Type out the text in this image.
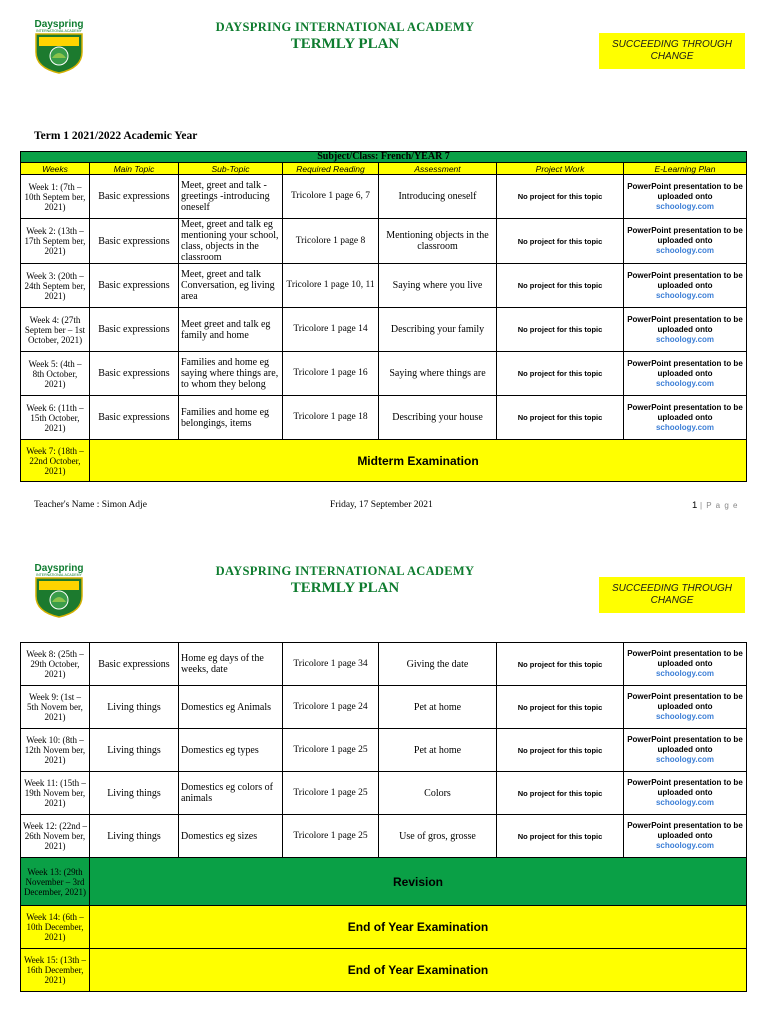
Dayspring
INTERNATIONAL ACADEMY	DAYSPRING INTERNATIONAL ACADEMY
TERMLY PLAN	SUCCEEDING THROUGH CHANGE
Term 1 2021/2022 Academic Year
Subject/Class: French/YEAR 7						
Weeks	Main Topic	Sub-Topic	Required Reading	Assessment	Project Work	E-Learning Plan
Week 1: (7th – 10th Septem ber, 2021)	Basic expressions	Meet, greet and talk -greetings -introducing oneself	Tricolore 1 page 6, 7	Introducing oneself	No project for this topic	PowerPoint presentation to be uploaded onto
schoology.com

Week 2: (13th – 17th Septem ber, 2021)	Basic expressions	Meet, greet and talk eg mentioning your school, class, objects in the classroom	Tricolore 1 page 8	Mentioning objects in the classroom	No project for this topic	PowerPoint presentation to be uploaded onto
schoology.com

Week 3: (20th – 24th Septem ber, 2021)	Basic expressions	Meet, greet and talk Conversation, eg living area	Tricolore 1 page 10, 11	Saying where you live	No project for this topic	PowerPoint presentation to be uploaded onto
schoology.com

Week 4: (27th Septem ber – 1st October, 2021)	Basic expressions	Meet greet and talk eg family and home	Tricolore 1 page 14	Describing your family	No project for this topic	PowerPoint presentation to be uploaded onto
schoology.com

Week 5: (4th – 8th October, 2021)	Basic expressions	Families and home eg saying where things are, to whom they belong	Tricolore 1 page 16	Saying where things are	No project for this topic	PowerPoint presentation to be uploaded onto
schoology.com

Week 6: (11th – 15th October, 2021)	Basic expressions	Families and home eg belongings, items	Tricolore 1 page 18	Describing your house	No project for this topic	PowerPoint presentation to be uploaded onto
schoology.com

Week 7: (18th – 22nd October, 2021)	Midterm Examination					
Teacher's Name : Simon Adje	Friday, 17 September 2021	1 | P a g e
Dayspring
INTERNATIONAL ACADEMY	DAYSPRING INTERNATIONAL ACADEMY
TERMLY PLAN	SUCCEEDING THROUGH CHANGE
Week 8: (25th – 29th October, 2021)	Basic expressions	Home eg days of the weeks, date	Tricolore 1 page 34	Giving the date	No project for this topic	PowerPoint presentation to be uploaded onto
schoology.com

Week 9: (1st – 5th Novem ber, 2021)	Living things	Domestics eg Animals	Tricolore 1 page 24	Pet at home	No project for this topic	PowerPoint presentation to be uploaded onto
schoology.com

Week 10: (8th – 12th Novem ber, 2021)	Living things	Domestics eg types	Tricolore 1 page 25	Pet at home	No project for this topic	PowerPoint presentation to be uploaded onto
schoology.com

Week 11: (15th – 19th Novem ber, 2021)	Living things	Domestics eg colors of animals	Tricolore 1 page 25	Colors	No project for this topic	PowerPoint presentation to be uploaded onto
schoology.com

Week 12: (22nd – 26th Novem ber, 2021)	Living things	Domestics eg sizes	Tricolore 1 page 25	Use of gros, grosse	No project for this topic	PowerPoint presentation to be uploaded onto
schoology.com

Week 13: (29th November – 3rd December, 2021)	Revision					
Week 14: (6th – 10th December, 2021)	End of Year Examination					
Week 15: (13th – 16th December, 2021)	End of Year Examination					
